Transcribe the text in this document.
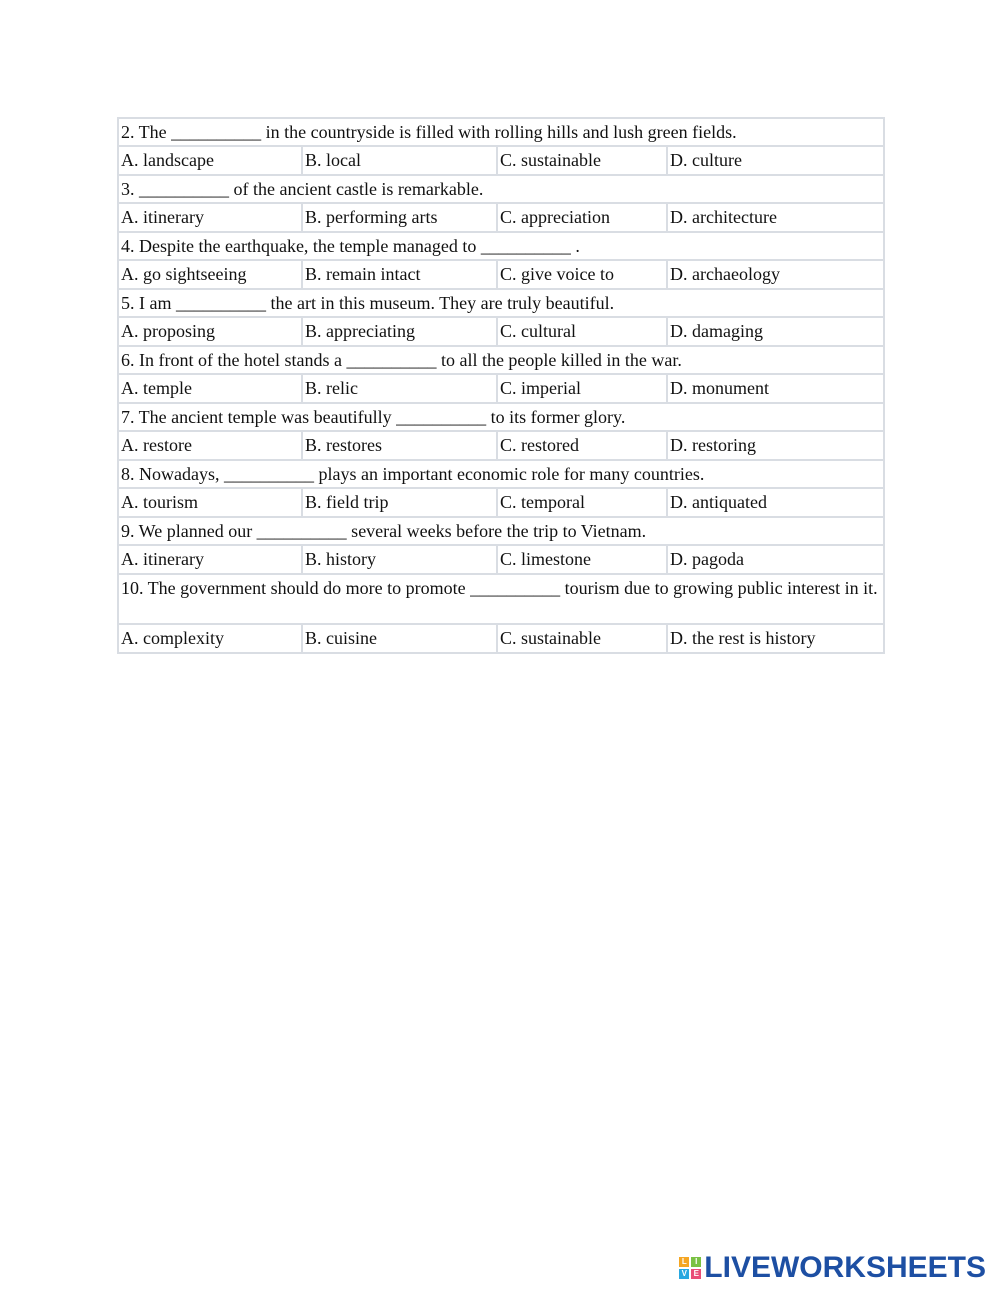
2. The __________ in the countryside is filled with rolling hills and lush green fields.			
A. landscape	B. local	C. sustainable	D. culture
3. __________ of the ancient castle is remarkable.			
A. itinerary	B. performing arts	C. appreciation	D. architecture
4. Despite the earthquake, the temple managed to __________ .			
A. go sightseeing	B. remain intact	C. give voice to	D. archaeology
5. I am __________ the art in this museum. They are truly beautiful.			
A. proposing	B. appreciating	C. cultural	D. damaging
6. In front of the hotel stands a __________ to all the people killed in the war.			
A. temple	B. relic	C. imperial	D. monument
7. The ancient temple was beautifully __________ to its former glory.			
A. restore	B. restores	C. restored	D. restoring
8. Nowadays, __________ plays an important economic role for many countries.			
A. tourism	B. field trip	C. temporal	D. antiquated
9. We planned our __________ several weeks before the trip to Vietnam.			
A. itinerary	B. history	C. limestone	D. pagoda
10. The government should do more to promote __________ tourism due to growing public interest in it.			
A. complexity	B. cuisine	C. sustainable	D. the rest is history
L	I
V E LIVEWORKSHEETS
